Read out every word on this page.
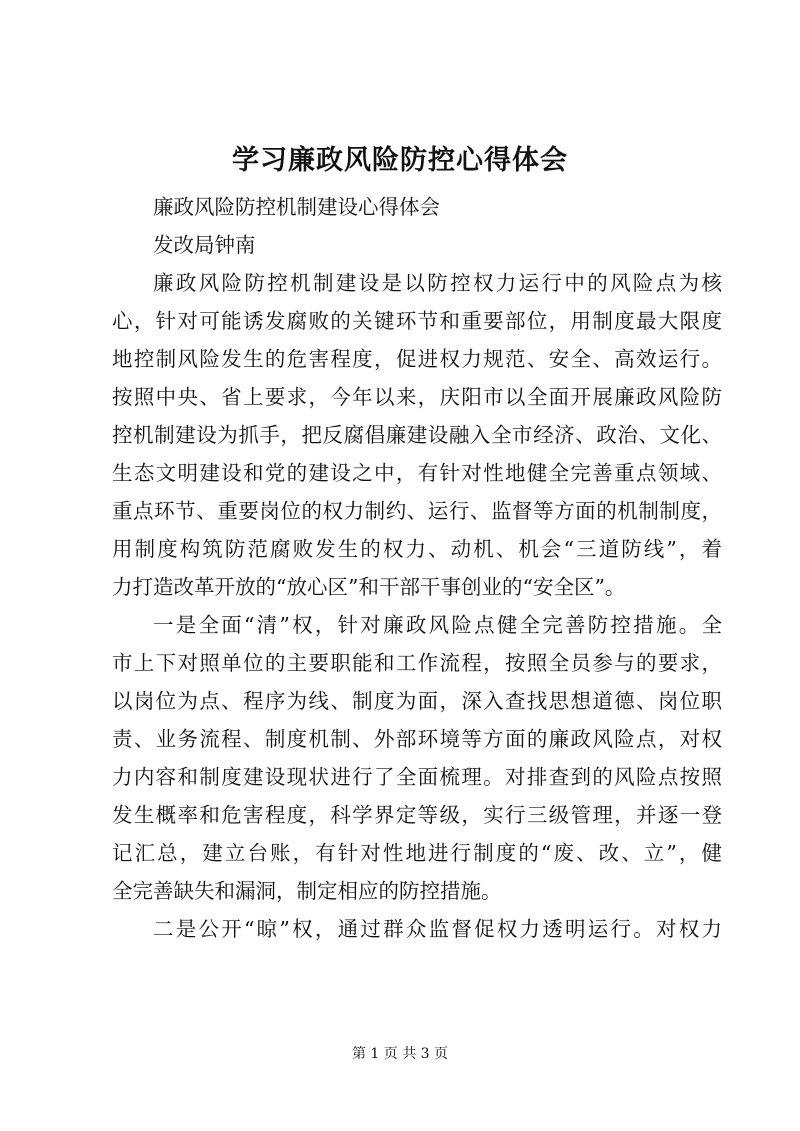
学习廉政风险防控心得体会
廉政风险防控机制建设心得体会
发改局钟南
廉政风险防控机制建设是以防控权力运行中的风险点为核
心，针对可能诱发腐败的关键环节和重要部位，用制度最大限度
地控制风险发生的危害程度，促进权力规范、安全、高效运行。
按照中央、省上要求，今年以来，庆阳市以全面开展廉政风险防
控机制建设为抓手，把反腐倡廉建设融入全市经济、政治、文化、
生态文明建设和党的建设之中，有针对性地健全完善重点领域、
重点环节、重要岗位的权力制约、运行、监督等方面的机制制度，
用制度构筑防范腐败发生的权力、动机、机会“三道防线”，着
力打造改革开放的“放心区”和干部干事创业的“安全区”。
一是全面“清”权，针对廉政风险点健全完善防控措施。全
市上下对照单位的主要职能和工作流程，按照全员参与的要求，
以岗位为点、程序为线、制度为面，深入查找思想道德、岗位职
责、业务流程、制度机制、外部环境等方面的廉政风险点，对权
力内容和制度建设现状进行了全面梳理。对排查到的风险点按照
发生概率和危害程度，科学界定等级，实行三级管理，并逐一登
记汇总，建立台账，有针对性地进行制度的“废、改、立”，健
全完善缺失和漏洞，制定相应的防控措施。
二是公开“晾”权，通过群众监督促权力透明运行。对权力
第 1 页 共 3 页
